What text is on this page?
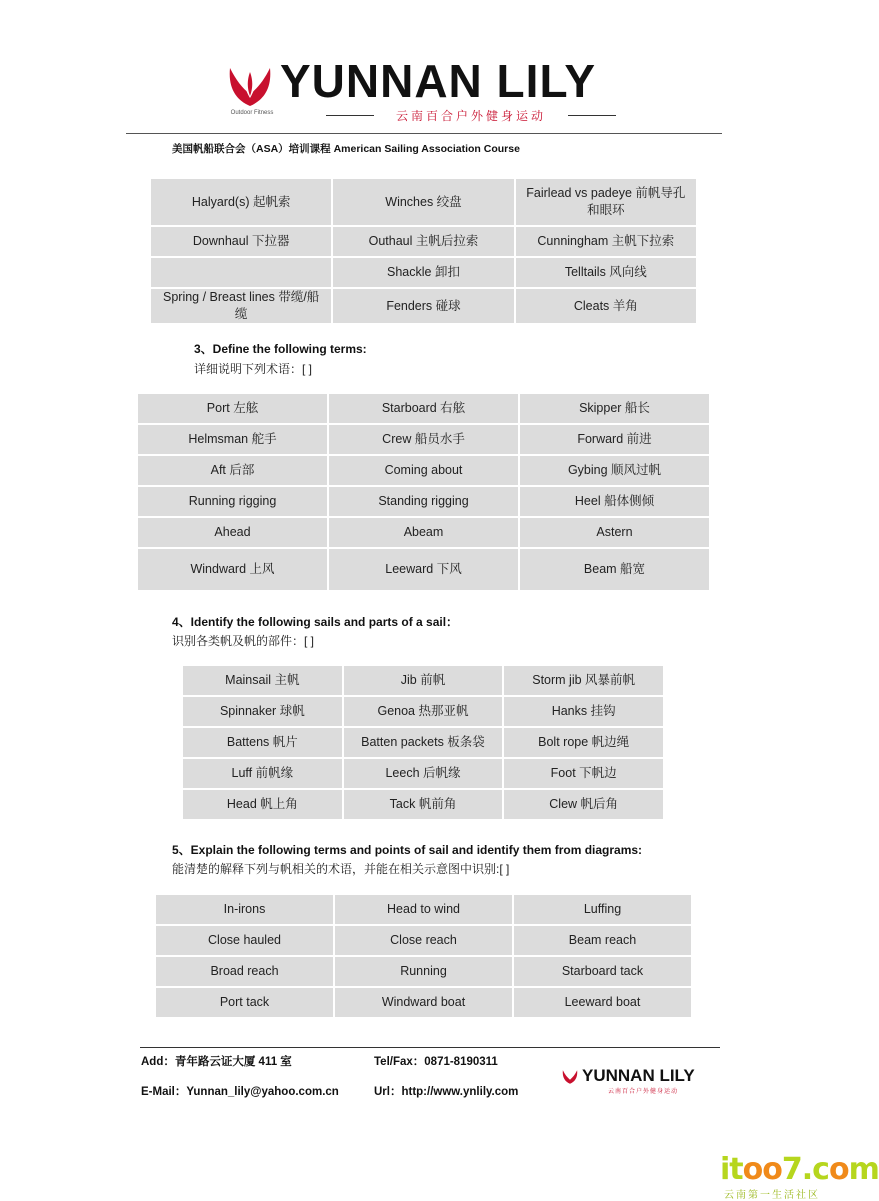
Outdoor Fitness
YUNNAN LILY
云南百合户外健身运动
美国帆船联合会（ASA）培训课程 American Sailing Association Course
Halyard(s) 起帆索	Winches 绞盘	Fairlead vs padeye 前帆导孔和眼环
Downhaul 下拉器	Outhaul 主帆后拉索	Cunningham 主帆下拉索
	Shackle 卸扣	Telltails 风向线
Spring / Breast lines 带缆/船缆	Fenders 碰球	Cleats 羊角
3、Define the following terms:
详细说明下列术语：[ ]
Port 左舷	Starboard 右舷	Skipper 船长
Helmsman 舵手	Crew 船员水手	Forward 前进
Aft 后部	Coming about	Gybing 顺风过帆
Running rigging	Standing rigging	Heel 船体侧倾
Ahead	Abeam	Astern
Windward 上风	Leeward 下风	Beam 船宽
4、Identify the following sails and parts of a sail：
识别各类帆及帆的部件：[ ]
Mainsail 主帆	Jib 前帆	Storm jib 风暴前帆
Spinnaker 球帆	Genoa 热那亚帆	Hanks 挂钩
Battens 帆片	Batten packets 板条袋	Bolt rope 帆边绳
Luff 前帆缘	Leech 后帆缘	Foot 下帆边
Head 帆上角	Tack 帆前角	Clew 帆后角
5、Explain the following terms and points of sail and identify them from diagrams:
能清楚的解释下列与帆相关的术语，并能在相关示意图中识别:[ ]
In-irons	Head to wind	Luffing
Close hauled	Close reach	Beam reach
Broad reach	Running	Starboard tack
Port tack	Windward boat	Leeward boat
Add：青年路云证大厦 411 室	Tel/Fax：0871-8190311
E-Mail：Yunnan_lily@yahoo.com.cn	Url：http://www.ynlily.com
YUNNAN LILY
云南百合户外健身运动
itoo7.com
云南第一生活社区
